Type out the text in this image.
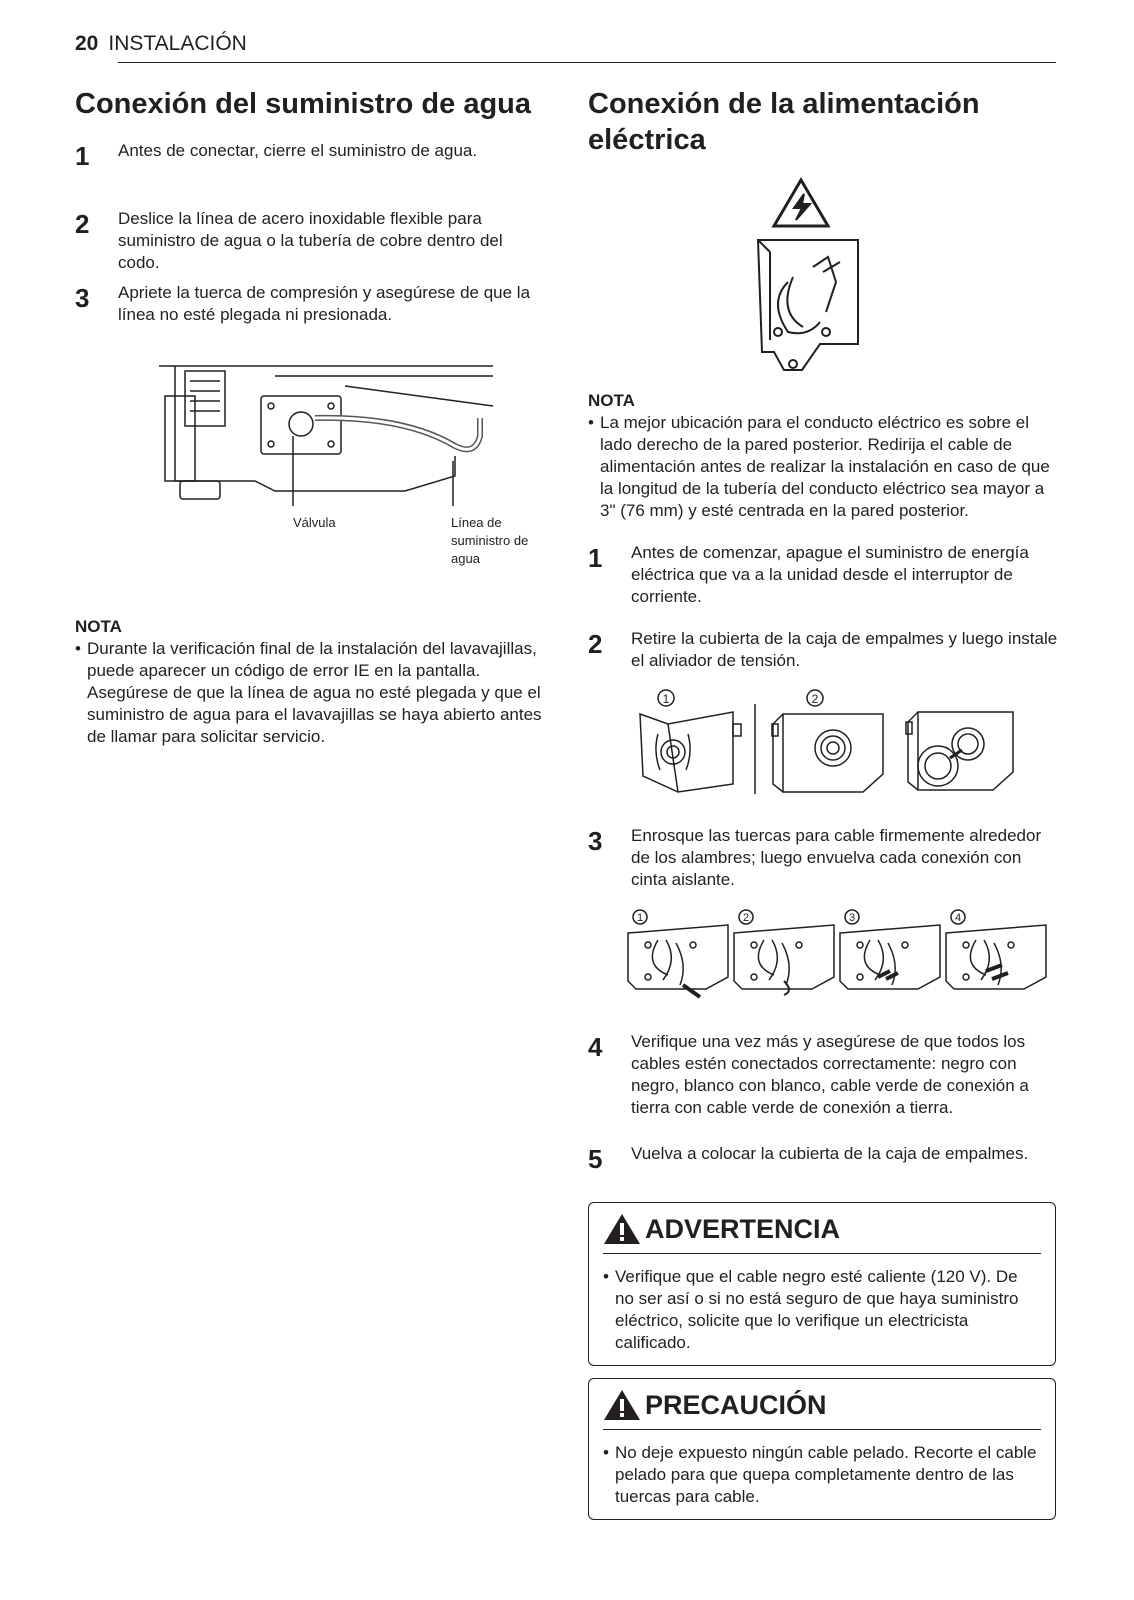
20 INSTALACIÓN
Conexión del suministro de agua
1	Antes de conectar, cierre el suministro de agua.
2	Deslice la línea de acero inoxidable flexible para suministro de agua o la tubería de cobre dentro del codo.
3	Apriete la tuerca de compresión y asegúrese de que la línea no esté plegada ni presionada.
Válvula	Línea de suministro de agua
NOTA
• Durante la verificación final de la instalación del lavavajillas, puede aparecer un código de error IE en la pantalla. Asegúrese de que la línea de agua no esté plegada y que el suministro de agua para el lavavajillas se haya abierto antes de llamar para solicitar servicio.
Conexión de la alimentación eléctrica
NOTA
• La mejor ubicación para el conducto eléctrico es sobre el lado derecho de la pared posterior. Redirija el cable de alimentación antes de realizar la instalación en caso de que la longitud de la tubería del conducto eléctrico sea mayor a 3" (76 mm) y esté centrada en la pared posterior.
1	Antes de comenzar, apague el suministro de energía eléctrica que va a la unidad desde el interruptor de corriente.
2	Retire la cubierta de la caja de empalmes y luego instale el aliviador de tensión.
1	2
3	Enrosque las tuercas para cable firmemente alrededor de los alambres; luego envuelva cada conexión con cinta aislante.
1	2	3	4
4	Verifique una vez más y asegúrese de que todos los cables estén conectados correctamente: negro con negro, blanco con blanco, cable verde de conexión a tierra con cable verde de conexión a tierra.
5	Vuelva a colocar la cubierta de la caja de empalmes.
ADVERTENCIA
• Verifique que el cable negro esté caliente (120 V). De no ser así o si no está seguro de que haya suministro eléctrico, solicite que lo verifique un electricista calificado.
PRECAUCIÓN
• No deje expuesto ningún cable pelado. Recorte el cable pelado para que quepa completamente dentro de las tuercas para cable.
